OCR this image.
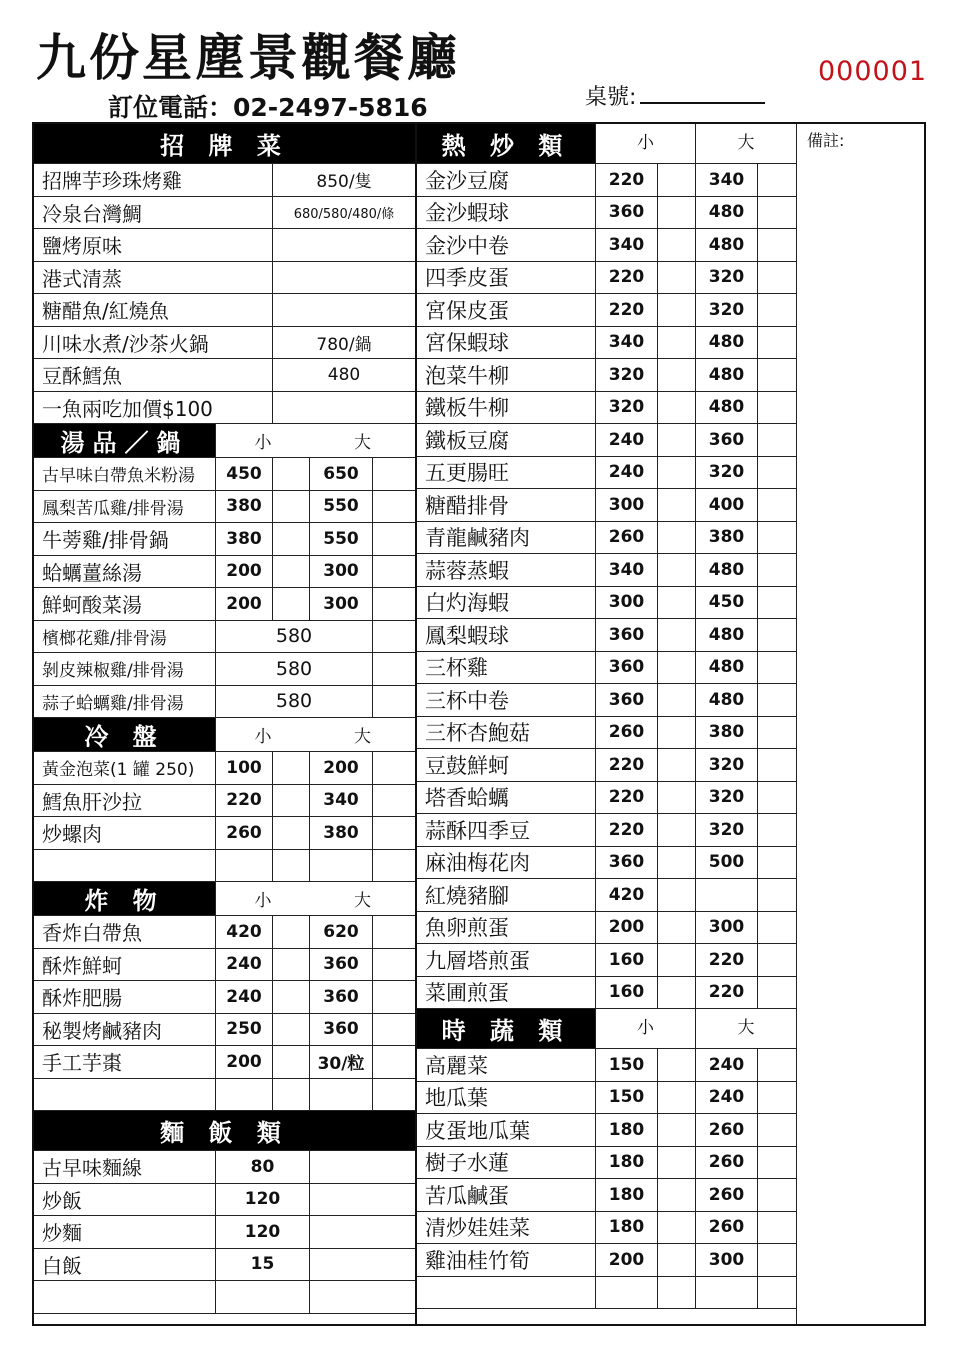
九份星塵景觀餐廳
訂位電話：02-2497-5816	桌號:
000001
備註:
招 牌 菜
招牌芋珍珠烤雞	850/隻
冷泉台灣鯛	680/580/480/條
鹽烤原味
港式清蒸
糖醋魚/紅燒魚
川味水煮/沙茶火鍋	780/鍋
豆酥鱈魚	480
一魚兩吃加價$100
湯品／鍋	小	大
古早味白帶魚米粉湯	450	650
鳳梨苦瓜雞/排骨湯	380	550
牛蒡雞/排骨鍋	380	550
蛤蠣薑絲湯	200	300
鮮蚵酸菜湯	200	300
檳榔花雞/排骨湯	580
剝皮辣椒雞/排骨湯	580
蒜子蛤蠣雞/排骨湯	580
冷 盤	小	大
黃金泡菜(1 罐 250)	100	200
鱈魚肝沙拉	220	340
炒螺肉	260	380
炸 物	小	大
香炸白帶魚	420	620
酥炸鮮蚵	240	360
酥炸肥腸	240	360
秘製烤鹹豬肉	250	360
手工芋棗	200	30/粒
麵 飯 類
古早味麵線	80
炒飯	120
炒麵	120
白飯	15
熱 炒 類	小	大
金沙豆腐	220	340
金沙蝦球	360	480
金沙中卷	340	480
四季皮蛋	220	320
宮保皮蛋	220	320
宮保蝦球	340	480
泡菜牛柳	320	480
鐵板牛柳	320	480
鐵板豆腐	240	360
五更腸旺	240	320
糖醋排骨	300	400
青龍鹹豬肉	260	380
蒜蓉蒸蝦	340	480
白灼海蝦	300	450
鳳梨蝦球	360	480
三杯雞	360	480
三杯中卷	360	480
三杯杏鮑菇	260	380
豆鼓鮮蚵	220	320
塔香蛤蠣	220	320
蒜酥四季豆	220	320
麻油梅花肉	360	500
紅燒豬腳	420
魚卵煎蛋	200	300
九層塔煎蛋	160	220
菜圃煎蛋	160	220
時 蔬 類	小	大
高麗菜	150	240
地瓜葉	150	240
皮蛋地瓜葉	180	260
樹子水蓮	180	260
苦瓜鹹蛋	180	260
清炒娃娃菜	180	260
雞油桂竹筍	200	300
